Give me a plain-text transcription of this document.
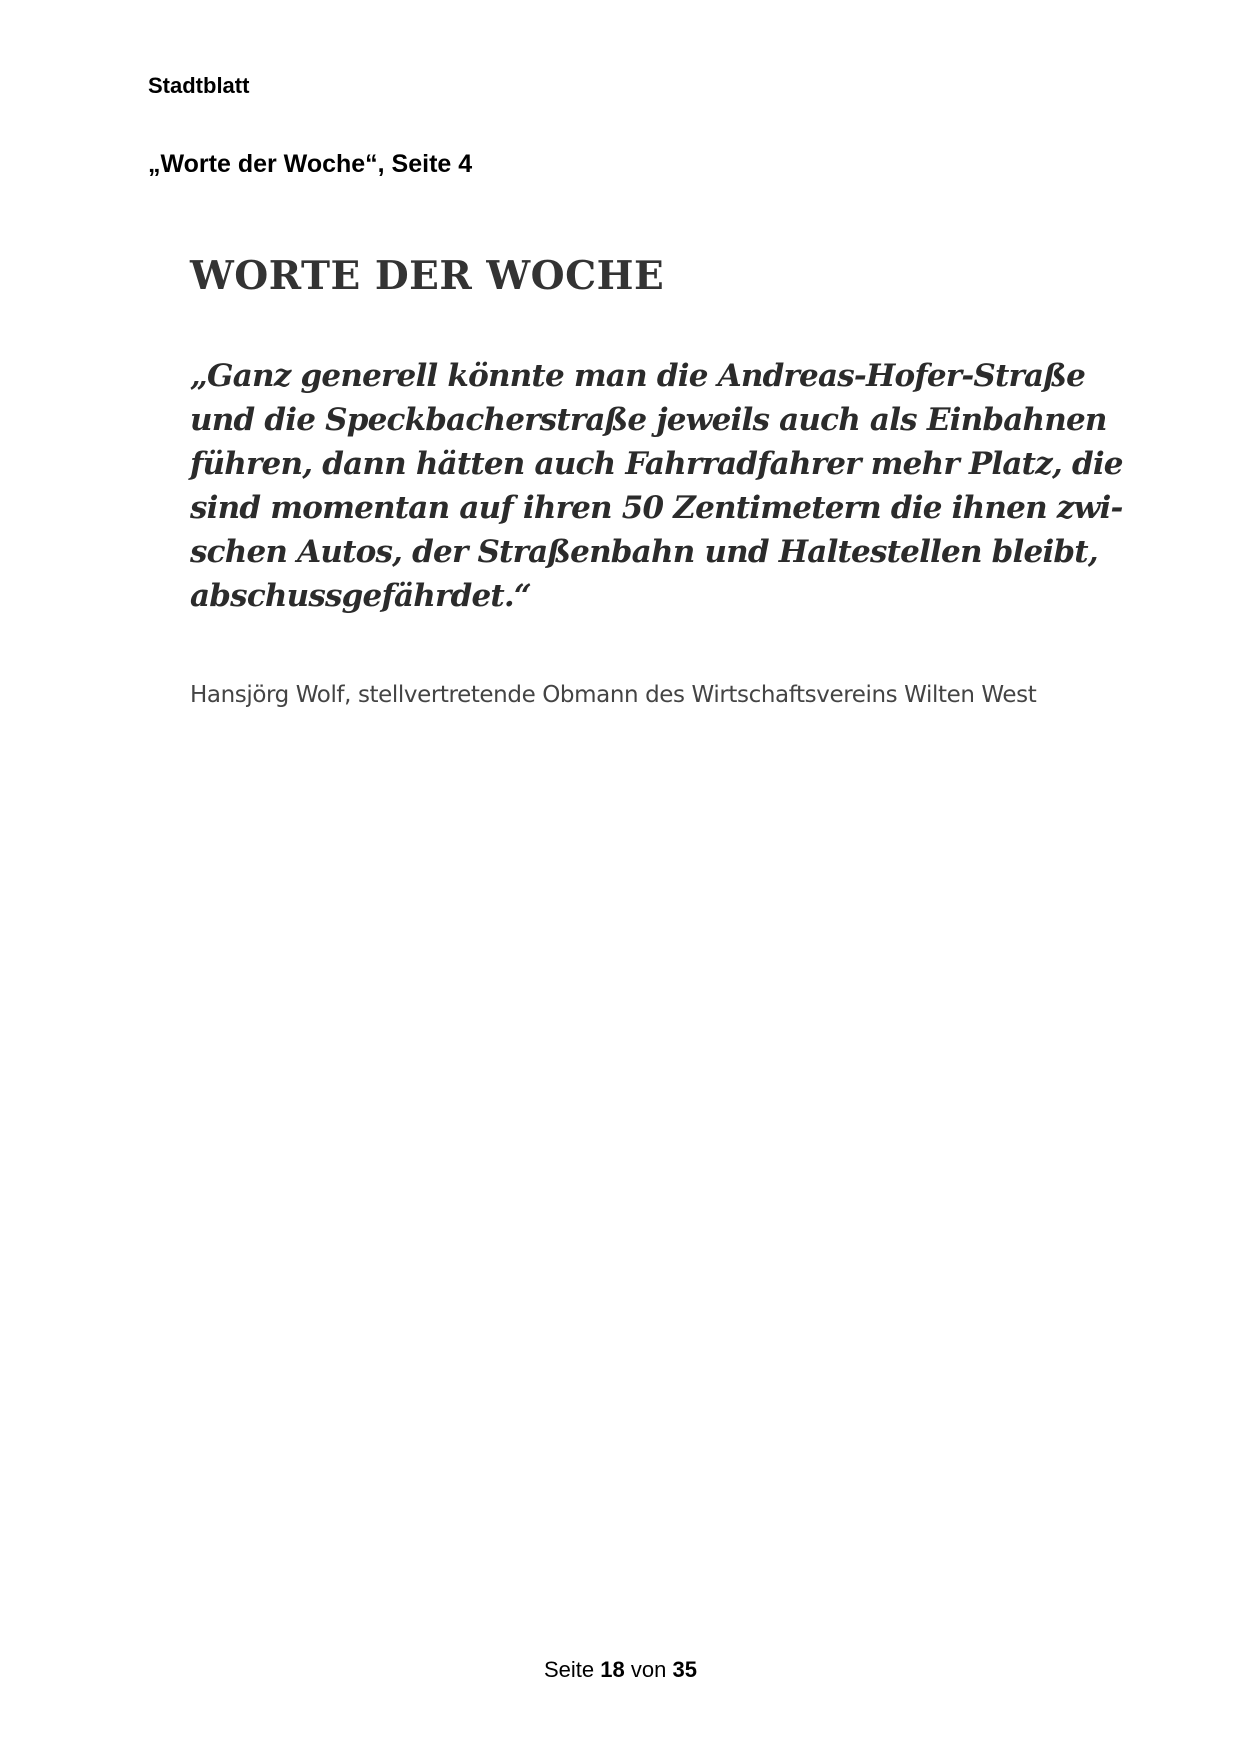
Stadtblatt

„Worte der Woche“, Seite 4

WORTE DER WOCHE

„Ganz generell könnte man die Andreas-Hofer-Straße
und die Speckbacherstraße jeweils auch als Einbahnen
führen, dann hätten auch Fahrradfahrer mehr Platz, die
sind momentan auf ihren 50 Zentimetern die ihnen zwi-
schen Autos, der Straßenbahn und Haltestellen bleibt,
abschussgefährdet.“

Hansjörg Wolf, stellvertretende Obmann des Wirtschaftsvereins Wilten West

Seite 18 von 35
